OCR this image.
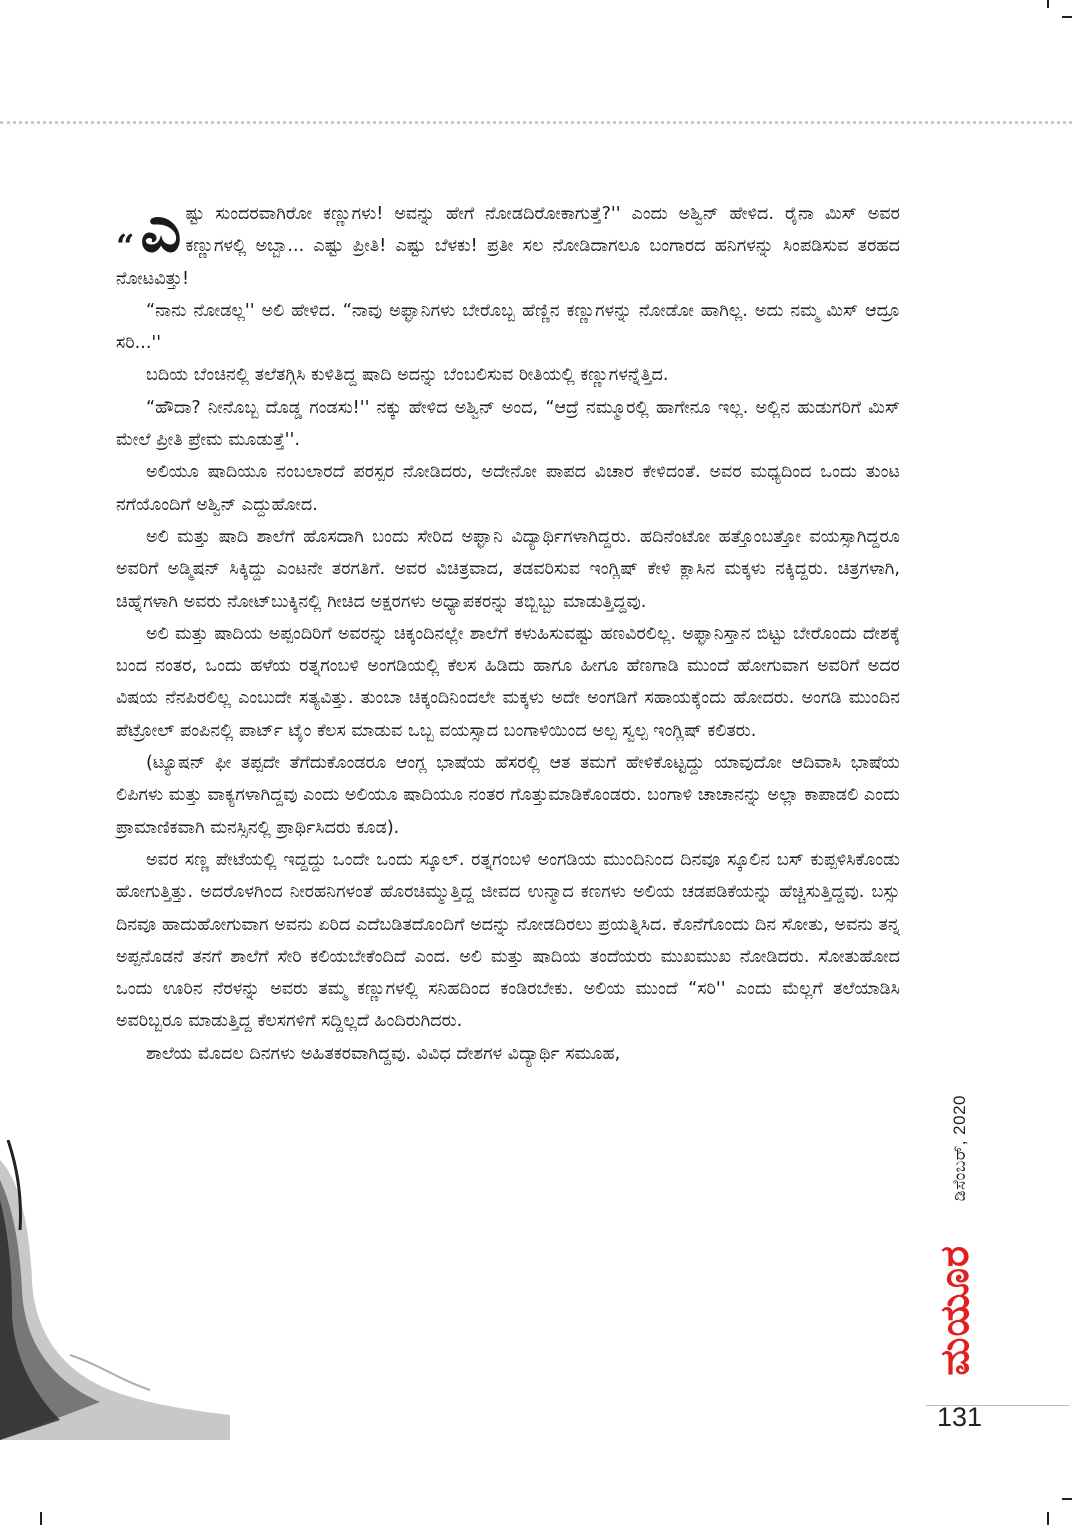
“ಎ ಷ್ಟು ಸುಂದರವಾಗಿರೋ ಕಣ್ಣುಗಳು! ಅವನ್ನು ಹೇಗೆ ನೋಡದಿರೋಕಾಗುತ್ತೆ?'' ಎಂದು ಅಶ್ವಿನ್ ಹೇಳಿದ. ರೈನಾ ಮಿಸ್ ಅವರ ಕಣ್ಣುಗಳಲ್ಲಿ ಅಬ್ಬಾ... ಎಷ್ಟು ಪ್ರೀತಿ! ಎಷ್ಟು ಬೆಳಕು! ಪ್ರತೀ ಸಲ ನೋಡಿದಾಗಲೂ ಬಂಗಾರದ ಹನಿಗಳನ್ನು ಸಿಂಪಡಿಸುವ ತರಹದ ನೋಟವಿತ್ತು!

“ನಾನು ನೋಡಲ್ಲ'' ಅಲಿ ಹೇಳಿದ. “ನಾವು ಅಫ್ಘಾನಿಗಳು ಬೇರೊಬ್ಬ ಹೆಣ್ಣಿನ ಕಣ್ಣುಗಳನ್ನು ನೋಡೋ ಹಾಗಿಲ್ಲ. ಅದು ನಮ್ಮ ಮಿಸ್ ಆದ್ರೂ ಸರಿ...''

ಬದಿಯ ಬೆಂಚಿನಲ್ಲಿ ತಲೆತಗ್ಗಿಸಿ ಕುಳಿತಿದ್ದ ಷಾದಿ ಅದನ್ನು ಬೆಂಬಲಿಸುವ ರೀತಿಯಲ್ಲಿ ಕಣ್ಣುಗಳನ್ನೆತ್ತಿದ.

“ಹೌದಾ? ನೀನೊಬ್ಬ ದೊಡ್ಡ ಗಂಡಸು!'' ನಕ್ಕು ಹೇಳಿದ ಅಶ್ವಿನ್ ಅಂದ, “ಆದ್ರೆ ನಮ್ಮೂರಲ್ಲಿ ಹಾಗೇನೂ ಇಲ್ಲ. ಅಲ್ಲಿನ ಹುಡುಗರಿಗೆ ಮಿಸ್ ಮೇಲೆ ಪ್ರೀತಿ ಪ್ರೇಮ ಮೂಡುತ್ತೆ''.

ಅಲಿಯೂ ಷಾದಿಯೂ ನಂಬಲಾರದೆ ಪರಸ್ಪರ ನೋಡಿದರು, ಅದೇನೋ ಪಾಪದ ವಿಚಾರ ಕೇಳಿದಂತೆ. ಅವರ ಮಧ್ಯದಿಂದ ಒಂದು ತುಂಟ ನಗೆಯೊಂದಿಗೆ ಅಶ್ವಿನ್ ಎದ್ದುಹೋದ.

ಅಲಿ ಮತ್ತು ಷಾದಿ ಶಾಲೆಗೆ ಹೊಸದಾಗಿ ಬಂದು ಸೇರಿದ ಅಫ್ಘಾನಿ ವಿದ್ಯಾರ್ಥಿಗಳಾಗಿದ್ದರು. ಹದಿನೆಂಟೋ ಹತ್ತೊಂಬತ್ತೋ ವಯಸ್ಸಾಗಿದ್ದರೂ ಅವರಿಗೆ ಅಡ್ಮಿಷನ್ ಸಿಕ್ಕಿದ್ದು ಎಂಟನೇ ತರಗತಿಗೆ. ಅವರ ವಿಚಿತ್ರವಾದ, ತಡವರಿಸುವ ಇಂಗ್ಲಿಷ್ ಕೇಳಿ ಕ್ಲಾಸಿನ ಮಕ್ಕಳು ನಕ್ಕಿದ್ದರು. ಚಿತ್ರಗಳಾಗಿ, ಚಿಹ್ನೆಗಳಾಗಿ ಅವರು ನೋಟ್‌ಬುಕ್ಕಿನಲ್ಲಿ ಗೀಚಿದ ಅಕ್ಷರಗಳು ಅಧ್ಯಾಪಕರನ್ನು ತಬ್ಬಿಬ್ಬು ಮಾಡುತ್ತಿದ್ದವು.

ಅಲಿ ಮತ್ತು ಷಾದಿಯ ಅಪ್ಪಂದಿರಿಗೆ ಅವರನ್ನು ಚಿಕ್ಕಂದಿನಲ್ಲೇ ಶಾಲೆಗೆ ಕಳುಹಿಸುವಷ್ಟು ಹಣವಿರಲಿಲ್ಲ. ಅಫ್ಘಾನಿಸ್ತಾನ ಬಿಟ್ಟು ಬೇರೊಂದು ದೇಶಕ್ಕೆ ಬಂದ ನಂತರ, ಒಂದು ಹಳೆಯ ರತ್ನಗಂಬಳಿ ಅಂಗಡಿಯಲ್ಲಿ ಕೆಲಸ ಹಿಡಿದು ಹಾಗೂ ಹೀಗೂ ಹೆಣಗಾಡಿ ಮುಂದೆ ಹೋಗುವಾಗ ಅವರಿಗೆ ಅದರ ವಿಷಯ ನೆನಪಿರಲಿಲ್ಲ ಎಂಬುದೇ ಸತ್ಯವಿತ್ತು. ತುಂಬಾ ಚಿಕ್ಕಂದಿನಿಂದಲೇ ಮಕ್ಕಳು ಅದೇ ಅಂಗಡಿಗೆ ಸಹಾಯಕ್ಕೆಂದು ಹೋದರು. ಅಂಗಡಿ ಮುಂದಿನ ಪೆಟ್ರೋಲ್ ಪಂಪಿನಲ್ಲಿ ಪಾರ್ಟ್ ಟೈಂ ಕೆಲಸ ಮಾಡುವ ಒಬ್ಬ ವಯಸ್ಸಾದ ಬಂಗಾಳಿಯಿಂದ ಅಲ್ಪ ಸ್ವಲ್ಪ ಇಂಗ್ಲಿಷ್ ಕಲಿತರು.

(ಟ್ಯೂಷನ್ ಫೀ ತಪ್ಪದೇ ತೆಗೆದುಕೊಂಡರೂ ಆಂಗ್ಲ ಭಾಷೆಯ ಹೆಸರಲ್ಲಿ ಆತ ತಮಗೆ ಹೇಳಿಕೊಟ್ಟದ್ದು ಯಾವುದೋ ಆದಿವಾಸಿ ಭಾಷೆಯ ಲಿಪಿಗಳು ಮತ್ತು ವಾಕ್ಯಗಳಾಗಿದ್ದವು ಎಂದು ಅಲಿಯೂ ಷಾದಿಯೂ ನಂತರ ಗೊತ್ತುಮಾಡಿಕೊಂಡರು. ಬಂಗಾಳಿ ಚಾಚಾನನ್ನು ಅಲ್ಲಾ ಕಾಪಾಡಲಿ ಎಂದು ಪ್ರಾಮಾಣಿಕವಾಗಿ ಮನಸ್ಸಿನಲ್ಲಿ ಪ್ರಾರ್ಥಿಸಿದರು ಕೂಡ).

ಅವರ ಸಣ್ಣ ಪೇಟೆಯಲ್ಲಿ ಇದ್ದದ್ದು ಒಂದೇ ಒಂದು ಸ್ಕೂಲ್. ರತ್ನಗಂಬಳಿ ಅಂಗಡಿಯ ಮುಂದಿನಿಂದ ದಿನವೂ ಸ್ಕೂಲಿನ ಬಸ್ ಕುಪ್ಪಳಿಸಿಕೊಂಡು ಹೋಗುತ್ತಿತ್ತು. ಅದರೊಳಗಿಂದ ನೀರಹನಿಗಳಂತೆ ಹೊರಚಿಮ್ಮುತ್ತಿದ್ದ ಜೀವದ ಉನ್ಮಾದ ಕಣಗಳು ಅಲಿಯ ಚಡಪಡಿಕೆಯನ್ನು ಹೆಚ್ಚಿಸುತ್ತಿದ್ದವು. ಬಸ್ಸು ದಿನವೂ ಹಾದುಹೋಗುವಾಗ ಅವನು ಏರಿದ ಎದೆಬಡಿತದೊಂದಿಗೆ ಅದನ್ನು ನೋಡದಿರಲು ಪ್ರಯತ್ನಿಸಿದ. ಕೊನೆಗೊಂದು ದಿನ ಸೋತು, ಅವನು ತನ್ನ ಅಪ್ಪನೊಡನೆ ತನಗೆ ಶಾಲೆಗೆ ಸೇರಿ ಕಲಿಯಬೇಕೆಂದಿದೆ ಎಂದ. ಅಲಿ ಮತ್ತು ಷಾದಿಯ ತಂದೆಯರು ಮುಖಮುಖ ನೋಡಿದರು. ಸೋತುಹೋದ ಒಂದು ಊರಿನ ನೆರಳನ್ನು ಅವರು ತಮ್ಮ ಕಣ್ಣುಗಳಲ್ಲಿ ಸನಿಹದಿಂದ ಕಂಡಿರಬೇಕು. ಅಲಿಯ ಮುಂದೆ “ಸರಿ'' ಎಂದು ಮೆಲ್ಲಗೆ ತಲೆಯಾಡಿಸಿ ಅವರಿಬ್ಬರೂ ಮಾಡುತ್ತಿದ್ದ ಕೆಲಸಗಳಿಗೆ ಸದ್ದಿಲ್ಲದೆ ಹಿಂದಿರುಗಿದರು.

ಶಾಲೆಯ ಮೊದಲ ದಿನಗಳು ಅಹಿತಕರವಾಗಿದ್ದವು. ವಿವಿಧ ದೇಶಗಳ ವಿದ್ಯಾರ್ಥಿ ಸಮೂಹ,

ಡಿಸೆಂಬರ್, 2020
ಮಯೂರ
131
